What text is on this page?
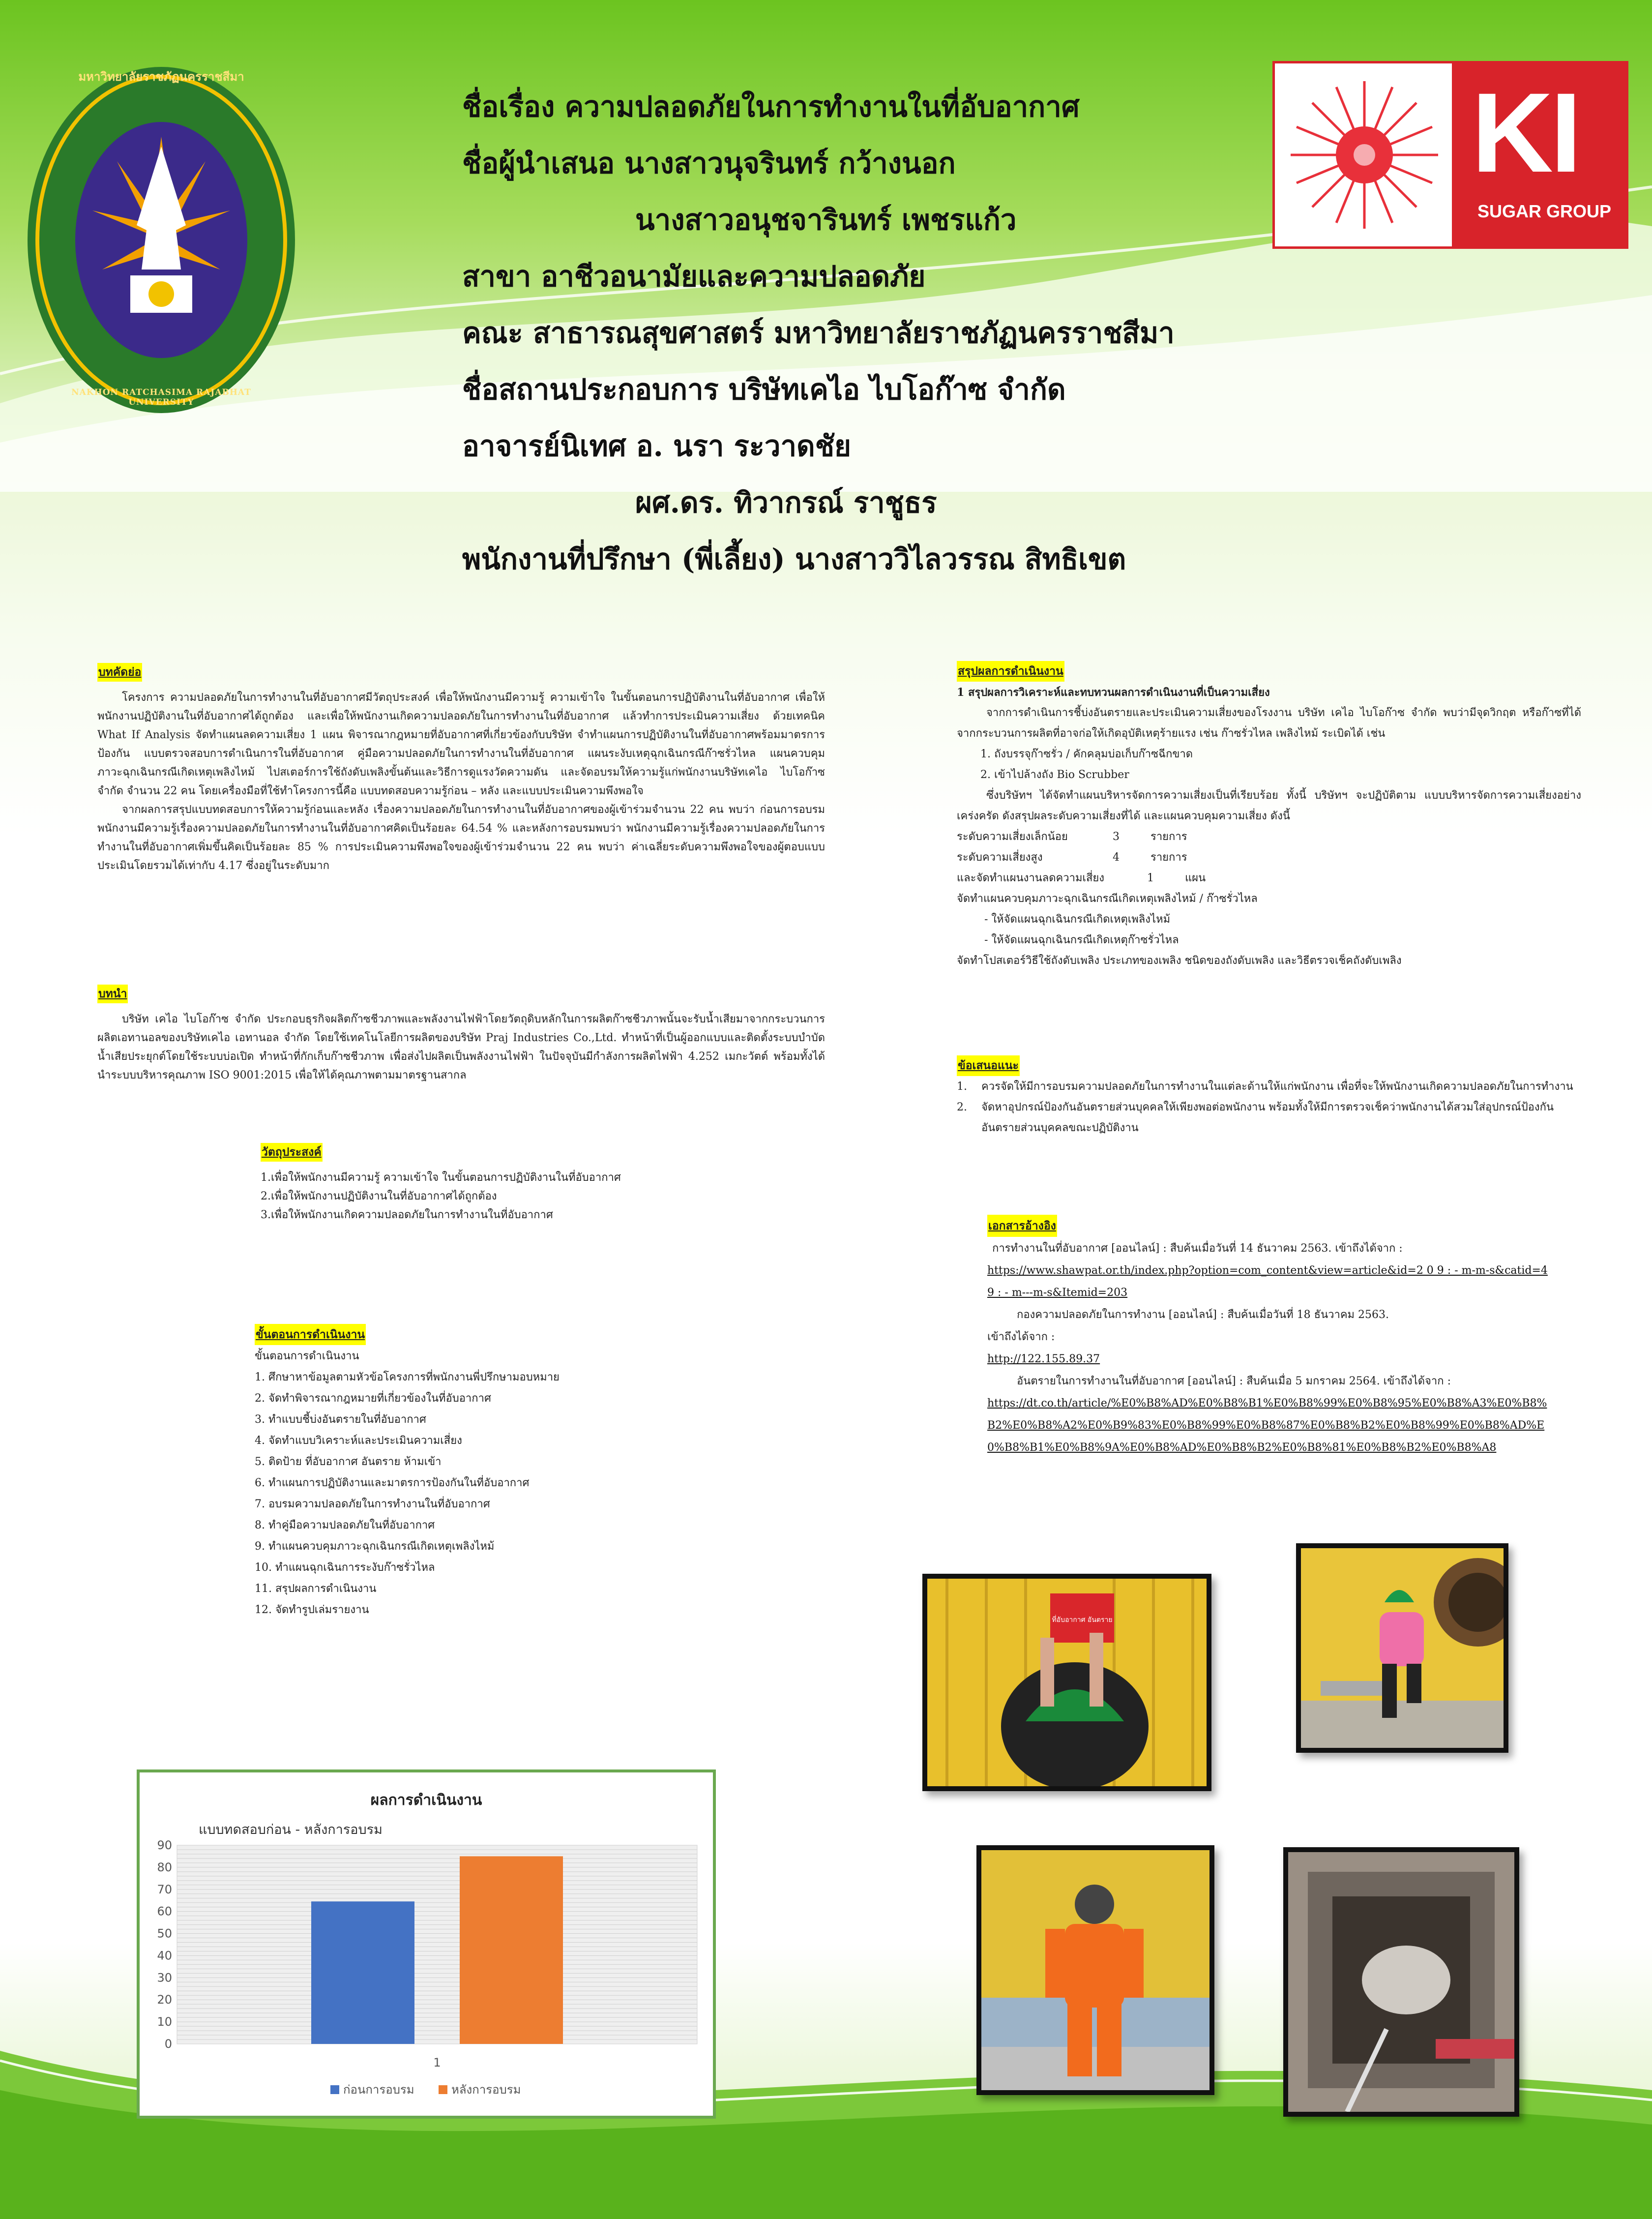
มหาวิทยาลัยราชภัฏนครราชสีมา
NAKHON RATCHASIMA RAJABHAT UNIVERSITY
KI
SUGAR GROUP
ชื่อเรื่อง ความปลอดภัยในการทำงานในที่อับอากาศ
ชื่อผู้นำเสนอ นางสาวนุจรินทร์ กว้างนอก
นางสาวอนุชจารินทร์ เพชรแก้ว
สาขา อาชีวอนามัยและความปลอดภัย
คณะ สาธารณสุขศาสตร์ มหาวิทยาลัยราชภัฏนครราชสีมา
ชื่อสถานประกอบการ บริษัทเคไอ ไบโอก๊าซ จำกัด
อาจารย์นิเทศ อ. นรา ระวาดชัย
ผศ.ดร. ทิวากรณ์ ราชูธร
พนักงานที่ปรึกษา (พี่เลี้ยง) นางสาววิไลวรรณ สิทธิเขต
บทคัดย่อ

โครงการ ความปลอดภัยในการทำงานในที่อับอากาศมีวัตถุประสงค์ เพื่อให้พนักงานมีความรู้ ความเข้าใจ ในขั้นตอนการปฏิบัติงานในที่อับอากาศ เพื่อให้พนักงานปฏิบัติงานในที่อับอากาศได้ถูกต้อง และเพื่อให้พนักงานเกิดความปลอดภัยในการทำงานในที่อับอากาศ แล้วทำการประเมินความเสี่ยง ด้วยเทคนิค What If Analysis จัดทำแผนลดความเสี่ยง 1 แผน พิจารณากฎหมายที่อับอากาศที่เกี่ยวข้องกับบริษัท จำทำแผนการปฏิบัติงานในที่อับอากาศพร้อมมาตรการป้องกัน แบบตรวจสอบการดำเนินการในที่อับอากาศ คู่มือความปลอดภัยในการทำงานในที่อับอากาศ แผนระงับเหตุฉุกเฉินกรณีก๊าซรั่วไหล แผนควบคุมภาวะฉุกเฉินกรณีเกิดเหตุเพลิงไหม้ ไปสเตอร์การใช้ถังดับเพลิงขั้นต้นและวิธีการดูแรงวัดความดัน และจัดอบรมให้ความรู้แก่พนักงานบริษัทเคไอ ไบโอก๊าซ จำกัด จำนวน 22 คน โดยเครื่องมือที่ใช้ทำโครงการนี้คือ แบบทดสอบความรู้ก่อน – หลัง และแบบประเมินความพึงพอใจ

จากผลการสรุปแบบทดสอบการให้ความรู้ก่อนและหลัง เรื่องความปลอดภัยในการทำงานในที่อับอากาศของผู้เข้าร่วมจำนวน 22 คน พบว่า ก่อนการอบรมพนักงานมีความรู้เรื่องความปลอดภัยในการทำงานในที่อับอากาศคิดเป็นร้อยละ 64.54 % และหลังการอบรมพบว่า พนักงานมีความรู้เรื่องความปลอดภัยในการทำงานในที่อับอากาศเพิ่มขึ้นคิดเป็นร้อยละ 85 % การประเมินความพึงพอใจของผู้เข้าร่วมจำนวน 22 คน พบว่า ค่าเฉลี่ยระดับความพึงพอใจของผู้ตอบแบบประเมินโดยรวมได้เท่ากับ 4.17 ซึ่งอยู่ในระดับมาก

บทนำ

บริษัท เคไอ ไบโอก๊าซ จำกัด ประกอบธุรกิจผลิตก๊าซชีวภาพและพลังงานไฟฟ้าโดยวัตถุดิบหลักในการผลิตก๊าซชีวภาพนั้นจะรับน้ำเสียมาจากกระบวนการผลิตเอทานอลของบริษัทเคไอ เอทานอล จำกัด โดยใช้เทคโนโลยีการผลิตของบริษัท Praj Industries Co.,Ltd. ทำหน้าที่เป็นผู้ออกแบบและติดตั้งระบบบำบัดน้ำเสียประยุกต์โดยใช้ระบบบ่อเปิด ทำหน้าที่กักเก็บก๊าซชีวภาพ เพื่อส่งไปผลิตเป็นพลังงานไฟฟ้า ในปัจจุบันมีกำลังการผลิตไฟฟ้า 4.252 เมกะวัตต์ พร้อมทั้งได้นำระบบบริหารคุณภาพ ISO 9001:2015 เพื่อให้ได้คุณภาพตามมาตรฐานสากล

วัตถุประสงค์
1.เพื่อให้พนักงานมีความรู้ ความเข้าใจ ในขั้นตอนการปฏิบัติงานในที่อับอากาศ
2.เพื่อให้พนักงานปฏิบัติงานในที่อับอากาศได้ถูกต้อง
3.เพื่อให้พนักงานเกิดความปลอดภัยในการทำงานในที่อับอากาศ
ขั้นตอนการดำเนินงาน
ขั้นตอนการดำเนินงาน
1. ศึกษาหาข้อมูลตามหัวข้อโครงการที่พนักงานพี่ปรึกษามอบหมาย
2. จัดทำพิจารณากฎหมายที่เกี่ยวข้องในที่อับอากาศ
3. ทำแบบชี้บ่งอันตรายในที่อับอากาศ
4. จัดทำแบบวิเคราะห์และประเมินความเสี่ยง
5. ติดป้าย ที่อับอากาศ อันตราย ห้ามเข้า
6. ทำแผนการปฏิบัติงานและมาตรการป้องกันในที่อับอากาศ
7. อบรมความปลอดภัยในการทำงานในที่อับอากาศ
8. ทำคู่มือความปลอดภัยในที่อับอากาศ
9. ทำแผนควบคุมภาวะฉุกเฉินกรณีเกิดเหตุเพลิงไหม้
10. ทำแผนฉุกเฉินการระงับก๊าซรั่วไหล
11. สรุปผลการดำเนินงาน
12. จัดทำรูปเล่มรายงาน
สรุปผลการดำเนินงาน
1 สรุปผลการวิเคราะห์และทบทวนผลการดำเนินงานที่เป็นความเสี่ยง

จากการดำเนินการชี้บ่งอันตรายและประเมินความเสี่ยงของโรงงาน บริษัท เคไอ ไบโอก๊าซ จำกัด พบว่ามีจุดวิกฤต หรือก๊าซที่ได้จากกระบวนการผลิตที่อาจก่อให้เกิดอุบัติเหตุร้ายแรง เช่น ก๊าซรั่วไหล เพลิงไหม้ ระเบิดได้ เช่น

1. ถังบรรจุก๊าซรั่ว / คักคลุมบ่อเก็บก๊าซฉีกขาด
2. เข้าไปล้างถัง Bio Scrubber

ซึ่งบริษัทฯ ได้จัดทำแผนบริหารจัดการความเสี่ยงเป็นที่เรียบร้อย ทั้งนี้ บริษัทฯ จะปฏิบัติตาม แบบบริหารจัดการความเสี่ยงอย่างเคร่งครัด ดังสรุปผลระดับความเสี่ยงที่ได้ และแผนควบคุมความเสี่ยง ดังนี้

ระดับความเสี่ยงเล็กน้อย	3	รายการ
ระดับความเสี่ยงสูง	4	รายการ
และจัดทำแผนงานลดความเสี่ยง	1	แผน
จัดทำแผนควบคุมภาวะฉุกเฉินกรณีเกิดเหตุเพลิงไหม้ / ก๊าซรั่วไหล
- ให้จัดแผนฉุกเฉินกรณีเกิดเหตุเพลิงไหม้
- ให้จัดแผนฉุกเฉินกรณีเกิดเหตุก๊าซรั่วไหล
จัดทำโปสเตอร์วิธีใช้ถังดับเพลิง ประเภทของเพลิง ชนิดของถังดับเพลิง และวิธีตรวจเช็คถังดับเพลิง
ข้อเสนอแนะ
1.	ควรจัดให้มีการอบรมความปลอดภัยในการทำงานในแต่ละด้านให้แก่พนักงาน เพื่อที่จะให้พนักงานเกิดความปลอดภัยในการทำงาน
2.	จัดหาอุปกรณ์ป้องกันอันตรายส่วนบุคคลให้เพียงพอต่อพนักงาน พร้อมทั้งให้มีการตรวจเช็คว่าพนักงานได้สวมใส่อุปกรณ์ป้องกันอันตรายส่วนบุคคลขณะปฏิบัติงาน
เอกสารอ้างอิง
การทำงานในที่อับอากาศ [ออนไลน์] : สืบค้นเมื่อวันที่ 14 ธันวาคม 2563. เข้าถึงได้จาก :
https://www.shawpat.or.th/index.php?option=com_content&view=article&id=2 0 9 : - m-m-s&catid=4 9 : - m---m-s&Itemid=203
กองความปลอดภัยในการทำงาน [ออนไลน์] : สืบค้นเมื่อวันที่ 18 ธันวาคม 2563.
เข้าถึงได้จาก :
http://122.155.89.37
อันตรายในการทำงานในที่อับอากาศ [ออนไลน์] : สืบค้นเมื่อ 5 มกราคม 2564. เข้าถึงได้จาก :
https://dt.co.th/article/%E0%B8%AD%E0%B8%B1%E0%B8%99%E0%B8%95%E0%B8%A3%E0%B8%B2%E0%B8%A2%E0%B9%83%E0%B8%99%E0%B8%87%E0%B8%B2%E0%B8%99%E0%B8%AD%E0%B8%B1%E0%B8%9A%E0%B8%AD%E0%B8%B2%E0%B8%81%E0%B8%B2%E0%B8%A8
ผลการดำเนินงาน
แบบทดสอบก่อน - หลังการอบรม
0
10
20
30
40
50
60
70
80
90
1
ก่อนการอบรม	หลังการอบรม
ที่อับอากาศ อันตราย
